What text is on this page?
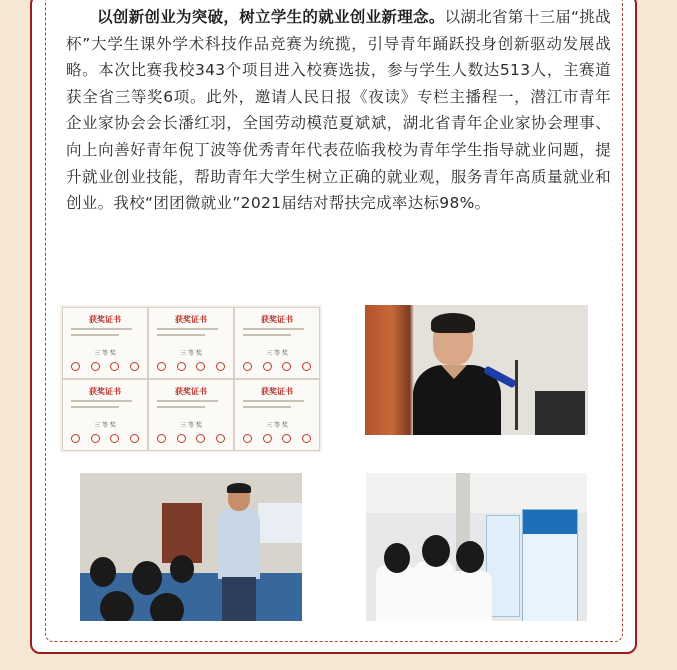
以创新创业为突破，树立学生的就业创业新理念。以湖北省第十三届“挑战杯”大学生课外学术科技作品竞赛为统揽，引导青年踊跃投身创新驱动发展战略。本次比赛我校343个项目进入校赛选拔，参与学生人数达513人，主赛道获全省三等奖6项。此外，邀请人民日报《夜读》专栏主播程一，潜江市青年企业家协会会长潘红羽，全国劳动模范夏斌斌，湖北省青年企业家协会理事、向上向善好青年倪丁波等优秀青年代表莅临我校为青年学生指导就业问题，提升就业创业技能，帮助青年大学生树立正确的就业观，服务青年高质量就业和创业。我校“团团微就业”2021届结对帮扶完成率达标98%。
获奖证书
三 等 奖
获奖证书
三 等 奖
获奖证书
三 等 奖
获奖证书
三 等 奖
获奖证书
三 等 奖
获奖证书
三 等 奖
